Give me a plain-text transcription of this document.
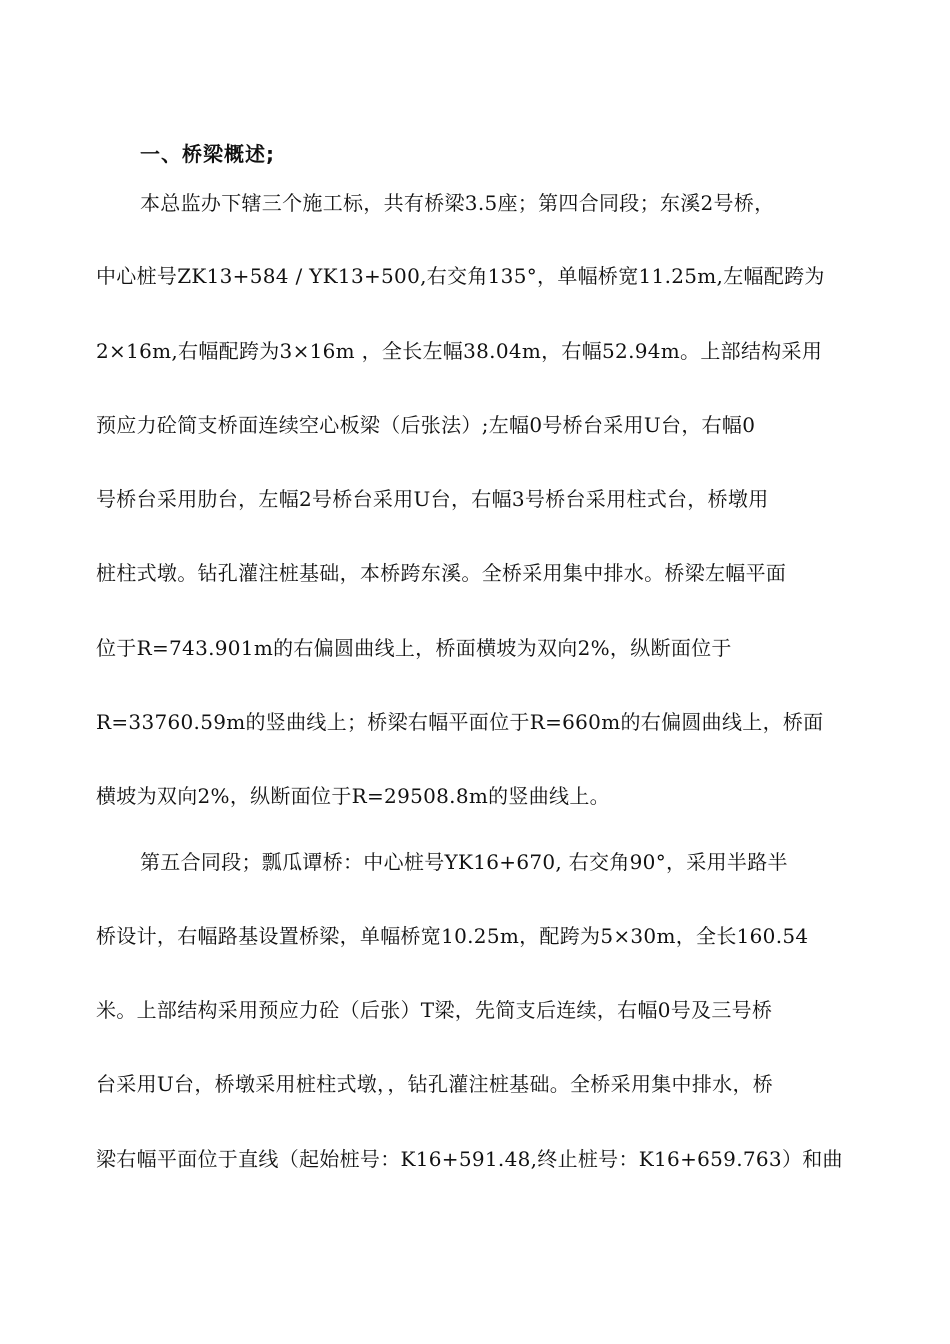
一、桥梁概述;
本总监办下辖三个施工标，共有桥梁3.5座；第四合同段；东溪2号桥，
中心桩号ZK13+584 / YK13+500,右交角135°，单幅桥宽11.25m,左幅配跨为
2×16m,右幅配跨为3×16m ，全长左幅38.04m，右幅52.94m。上部结构采用
预应力砼简支桥面连续空心板梁（后张法）;左幅0号桥台采用U台，右幅0
号桥台采用肋台，左幅2号桥台采用U台，右幅3号桥台采用柱式台，桥墩用
桩柱式墩。钻孔灌注桩基础，本桥跨东溪。全桥采用集中排水。桥梁左幅平面
位于R=743.901m的右偏圆曲线上，桥面横坡为双向2%，纵断面位于
R=33760.59m的竖曲线上；桥梁右幅平面位于R=660m的右偏圆曲线上，桥面
横坡为双向2%，纵断面位于R=29508.8m的竖曲线上。
第五合同段；瓢瓜谭桥：中心桩号YK16+670, 右交角90°，采用半路半
桥设计，右幅路基设置桥梁，单幅桥宽10.25m，配跨为5×30m，全长160.54
米。上部结构采用预应力砼（后张）T梁，先简支后连续，右幅0号及三号桥
台采用U台，桥墩采用桩柱式墩，，钻孔灌注桩基础。全桥采用集中排水，桥
梁右幅平面位于直线（起始桩号：K16+591.48,终止桩号：K16+659.763）和曲
